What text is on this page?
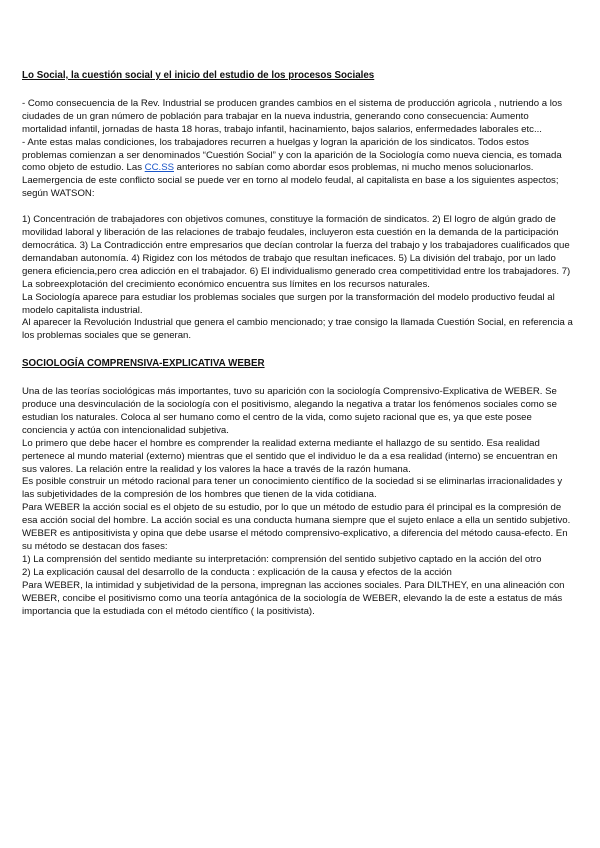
Lo Social, la cuestión social y el inicio del estudio de los procesos Sociales

- Como consecuencia de la Rev. Industrial se producen grandes cambios en el sistema de producción agricola , nutriendo a los ciudades de un gran número de población para trabajar en la nueva industria, generando cono consecuencia: Aumento mortalidad infantil, jornadas de hasta 18 horas, trabajo infantil, hacinamiento, bajos salarios, enfermedades laborales etc...

- Ante estas malas condiciones, los trabajadores recurren a huelgas y logran la aparición de los sindicatos. Todos estos problemas comienzan a ser denominados “Cuestión Social” y con la aparición de la Sociología como nueva ciencia, es tomada como objeto de estudio. Las CC.SS anteriores no sabían como abordar esos problemas, ni mucho menos solucionarlos. Laemergencia de este conflicto social se puede ver en torno al modelo feudal, al capitalista en base a los siguientes aspectos; según WATSON:

1) Concentración de trabajadores con objetivos comunes, constituye la formación de sindicatos. 2) El logro de algún grado de movilidad laboral y liberación de las relaciones de trabajo feudales, incluyeron esta cuestión en la demanda de la participación democrática. 3) La Contradicción entre empresarios que decían controlar la fuerza del trabajo y los trabajadores cualificados que demandaban autonomía. 4) Rigidez con los métodos de trabajo que resultan ineficaces. 5) La división del trabajo, por un lado genera eficiencia,pero crea adicción en el trabajador. 6) El individualismo generado crea competitividad entre los trabajadores. 7) La sobreexplotación del crecimiento económico encuentra sus límites en los recursos naturales.

La Sociología aparece para estudiar los problemas sociales que surgen por la transformación del modelo productivo feudal al modelo capitalista industrial.

Al aparecer la Revolución Industrial que genera el cambio mencionado; y trae consigo la llamada Cuestión Social, en referencia a los problemas sociales que se generan.

SOCIOLOGÍA COMPRENSIVA-EXPLICATIVA WEBER

Una de las teorías sociológicas más importantes, tuvo su aparición con la sociología Comprensivo-Explicativa de WEBER. Se produce una desvinculación de la sociología con el positivismo, alegando la negativa a tratar los fenómenos sociales como se estudian los naturales. Coloca al ser humano como el centro de la vida, como sujeto racional que es, ya que este posee conciencia y actúa con intencionalidad subjetiva.

Lo primero que debe hacer el hombre es comprender la realidad externa mediante el hallazgo de su sentido. Esa realidad pertenece al mundo material (externo) mientras que el sentido que el individuo le da a esa realidad (interno) se encuentran en sus valores. La relación entre la realidad y los valores la hace a través de la razón humana.

Es posible construir un método racional para tener un conocimiento científico de la sociedad si se eliminarlas irracionalidades y las subjetividades de la compresión de los hombres que tienen de la vida cotidiana.

Para WEBER la acción social es el objeto de su estudio, por lo que un método de estudio para él principal es la compresión de esa acción social del hombre. La acción social es una conducta humana siempre que el sujeto enlace a ella un sentido subjetivo. WEBER es antipositivista y opina que debe usarse el método comprensivo-explicativo, a diferencia del método causa-efecto. En su método se destacan dos fases:

1) La comprensión del sentido mediante su interpretación: comprensión del sentido subjetivo captado en la acción del otro

2) La explicación causal del desarrollo de la conducta : explicación de la causa y efectos de la acción

Para WEBER, la intimidad y subjetividad de la persona, impregnan las acciones sociales. Para DILTHEY, en una alineación con WEBER, concibe el positivismo como una teoría antagónica de la sociología de WEBER, elevando la de este a estatus de más importancia que la estudiada con el método científico ( la positivista).
